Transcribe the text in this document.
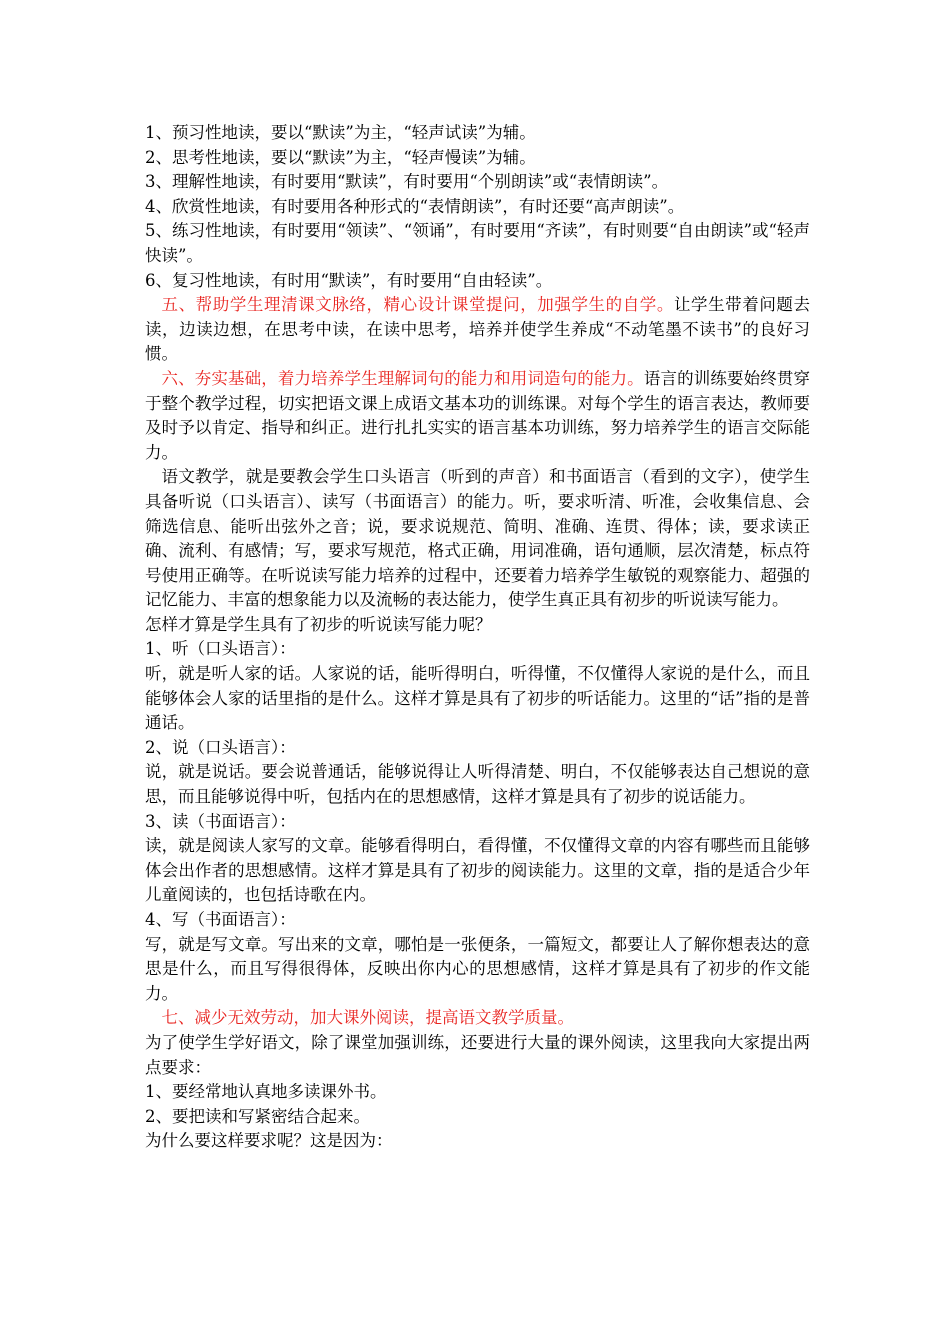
1、预习性地读，要以“默读”为主，“轻声试读”为辅。

2、思考性地读，要以“默读”为主，“轻声慢读”为辅。

3、理解性地读，有时要用“默读”，有时要用“个别朗读”或“表情朗读”。

4、欣赏性地读，有时要用各种形式的“表情朗读”，有时还要“高声朗读”。

5、练习性地读，有时要用“领读”、“领诵”，有时要用“齐读”，有时则要“自由朗读”或“轻声快读”。

6、复习性地读，有时用“默读”，有时要用“自由轻读”。

五、帮助学生理清课文脉络，精心设计课堂提问，加强学生的自学。让学生带着问题去读，边读边想，在思考中读，在读中思考，培养并使学生养成“不动笔墨不读书”的良好习惯。

六、夯实基础，着力培养学生理解词句的能力和用词造句的能力。语言的训练要始终贯穿于整个教学过程，切实把语文课上成语文基本功的训练课。对每个学生的语言表达，教师要及时予以肯定、指导和纠正。进行扎扎实实的语言基本功训练，努力培养学生的语言交际能力。

语文教学，就是要教会学生口头语言（听到的声音）和书面语言（看到的文字），使学生具备听说（口头语言）、读写（书面语言）的能力。听，要求听清、听准，会收集信息、会筛选信息、能听出弦外之音；说，要求说规范、简明、准确、连贯、得体；读，要求读正确、流利、有感情；写，要求写规范，格式正确，用词准确，语句通顺，层次清楚，标点符号使用正确等。在听说读写能力培养的过程中，还要着力培养学生敏锐的观察能力、超强的记忆能力、丰富的想象能力以及流畅的表达能力，使学生真正具有初步的听说读写能力。

怎样才算是学生具有了初步的听说读写能力呢？

1、听（口头语言）：

听，就是听人家的话。人家说的话，能听得明白，听得懂，不仅懂得人家说的是什么，而且能够体会人家的话里指的是什么。这样才算是具有了初步的听话能力。这里的“话”指的是普通话。

2、说（口头语言）：

说，就是说话。要会说普通话，能够说得让人听得清楚、明白，不仅能够表达自己想说的意思，而且能够说得中听，包括内在的思想感情，这样才算是具有了初步的说话能力。

3、读（书面语言）：

读，就是阅读人家写的文章。能够看得明白，看得懂，不仅懂得文章的内容有哪些而且能够体会出作者的思想感情。这样才算是具有了初步的阅读能力。这里的文章，指的是适合少年儿童阅读的，也包括诗歌在内。

4、写（书面语言）：

写，就是写文章。写出来的文章，哪怕是一张便条，一篇短文，都要让人了解你想表达的意思是什么，而且写得很得体，反映出你内心的思想感情，这样才算是具有了初步的作文能力。

七、减少无效劳动，加大课外阅读，提高语文教学质量。

为了使学生学好语文，除了课堂加强训练，还要进行大量的课外阅读，这里我向大家提出两点要求：

1、要经常地认真地多读课外书。

2、要把读和写紧密结合起来。

为什么要这样要求呢？这是因为：
